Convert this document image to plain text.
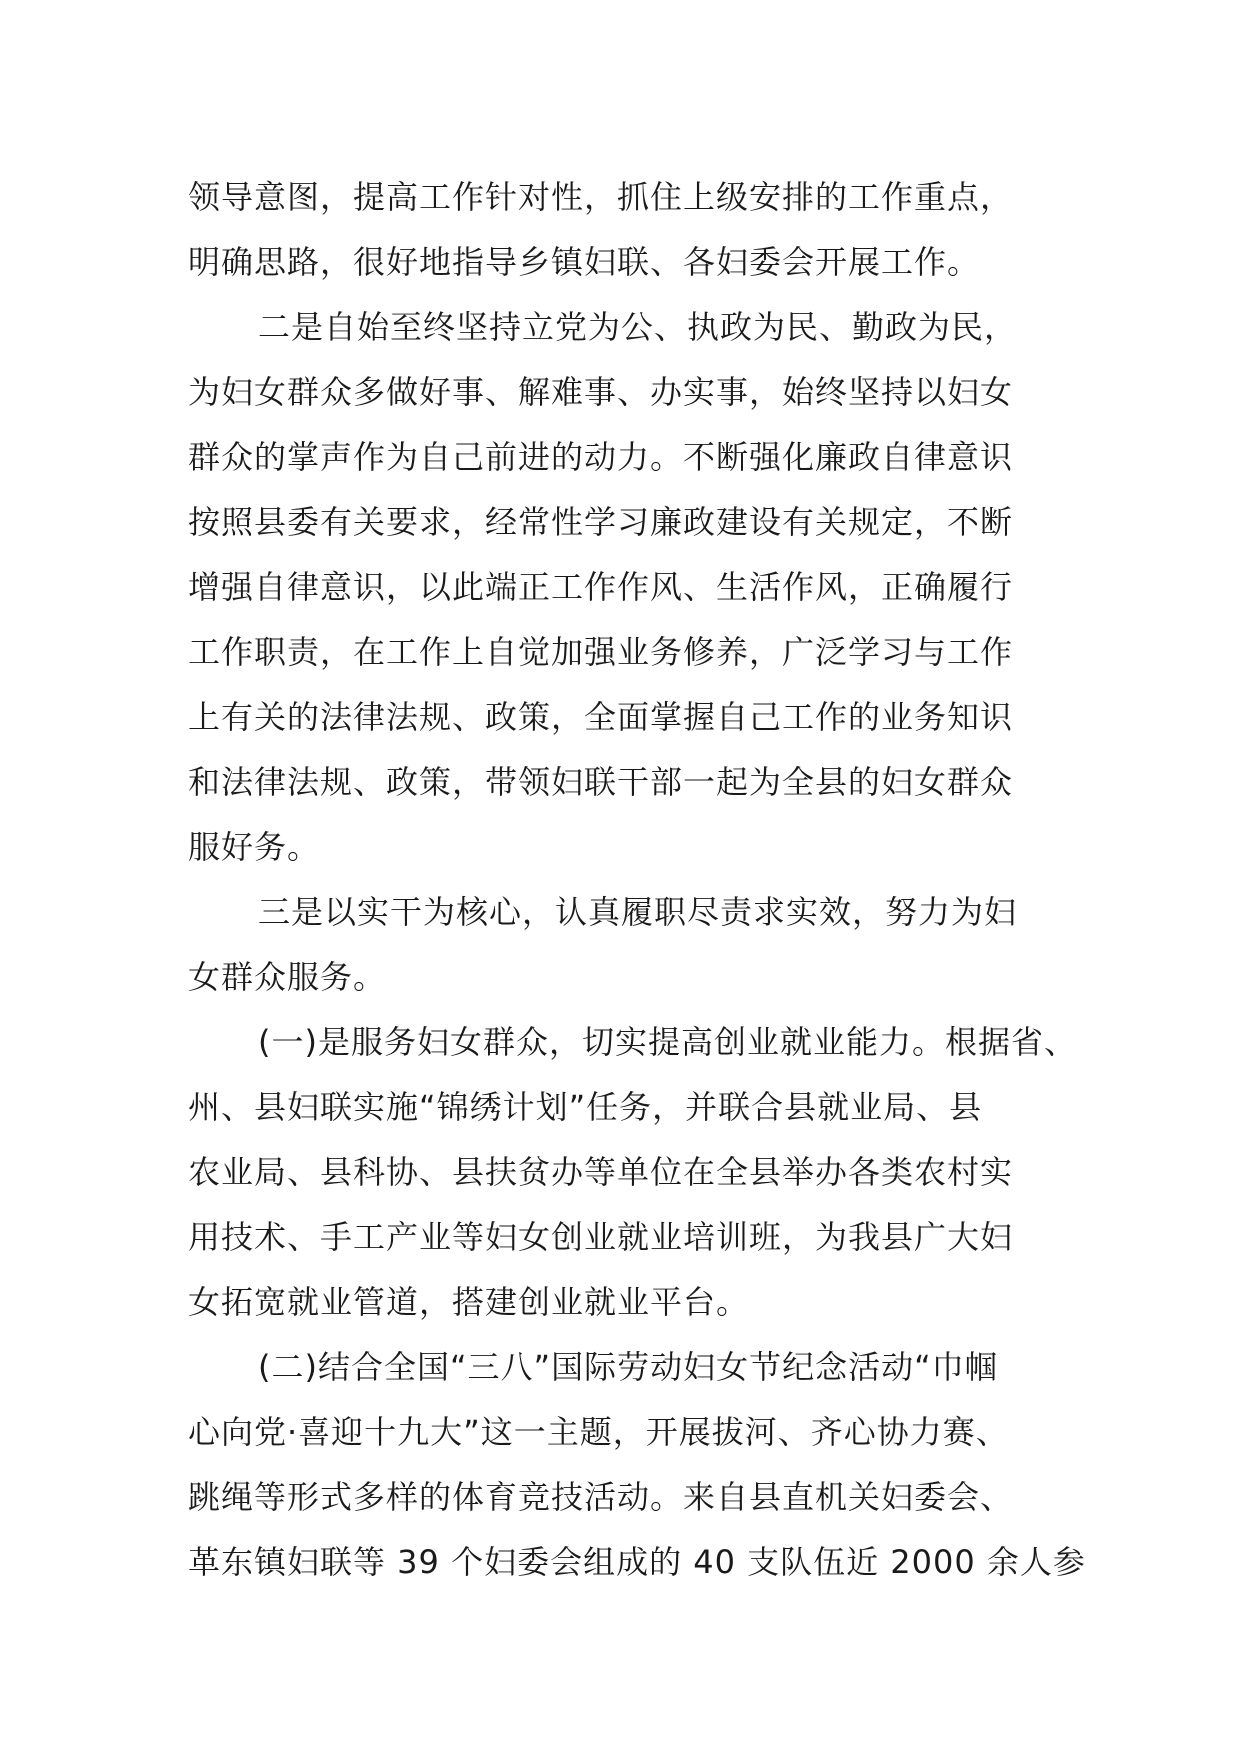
领导意图，提高工作针对性，抓住上级安排的工作重点，
明确思路，很好地指导乡镇妇联、各妇委会开展工作。
二是自始至终坚持立党为公、执政为民、勤政为民，
为妇女群众多做好事、解难事、办实事，始终坚持以妇女
群众的掌声作为自己前进的动力。不断强化廉政自律意识
按照县委有关要求，经常性学习廉政建设有关规定，不断
增强自律意识，以此端正工作作风、生活作风，正确履行
工作职责，在工作上自觉加强业务修养，广泛学习与工作
上有关的法律法规、政策，全面掌握自己工作的业务知识
和法律法规、政策，带领妇联干部一起为全县的妇女群众
服好务。
三是以实干为核心，认真履职尽责求实效，努力为妇
女群众服务。
(一)是服务妇女群众，切实提高创业就业能力。根据省、
州、县妇联实施“锦绣计划”任务，并联合县就业局、县
农业局、县科协、县扶贫办等单位在全县举办各类农村实
用技术、手工产业等妇女创业就业培训班，为我县广大妇
女拓宽就业管道，搭建创业就业平台。
(二)结合全国“三八”国际劳动妇女节纪念活动“巾帼
心向党·喜迎十九大”这一主题，开展拔河、齐心协力赛、
跳绳等形式多样的体育竞技活动。来自县直机关妇委会、
革东镇妇联等 39 个妇委会组成的 40 支队伍近 2000 余人参
